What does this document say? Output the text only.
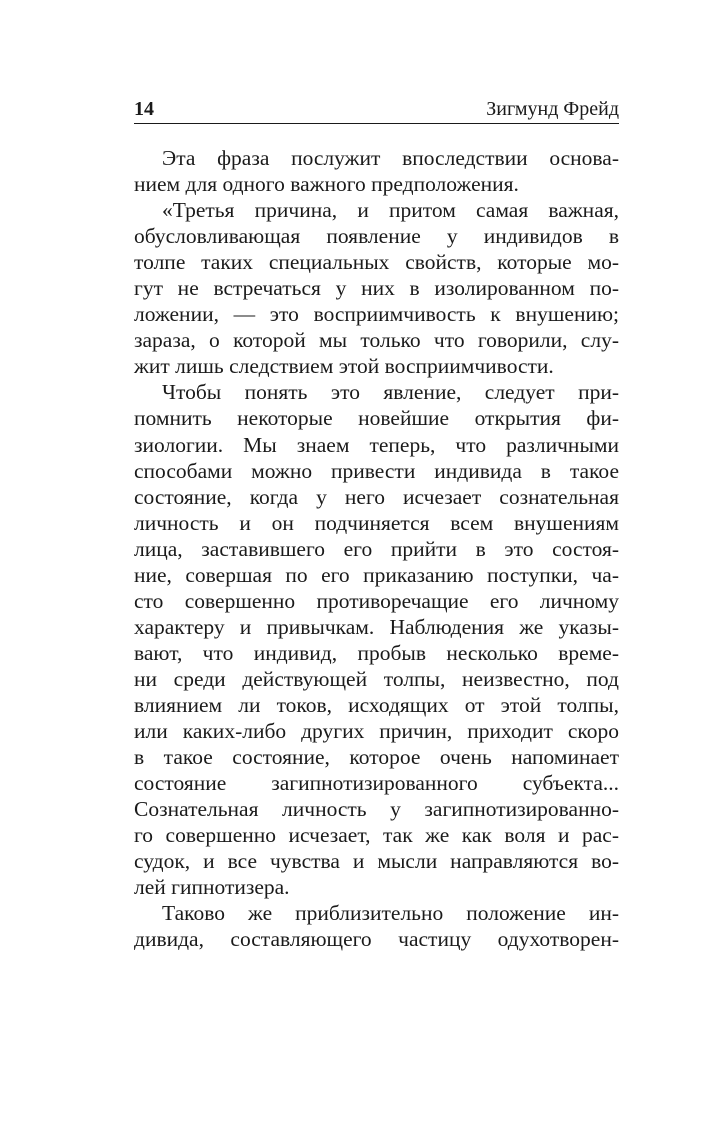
14	Зигмунд Фрейд
Эта фраза послужит впоследствии основа-
нием для одного важного предположения.
«Третья причина, и притом самая важная,
обусловливающая появление у индивидов в
толпе таких специальных свойств, которые мо-
гут не встречаться у них в изолированном по-
ложении, — это восприимчивость к внушению;
зараза, о которой мы только что говорили, слу-
жит лишь следствием этой восприимчивости.
Чтобы понять это явление, следует при-
помнить некоторые новейшие открытия фи-
зиологии. Мы знаем теперь, что различными
способами можно привести индивида в такое
состояние, когда у него исчезает сознательная
личность и он подчиняется всем внушениям
лица, заставившего его прийти в это состоя-
ние, совершая по его приказанию поступки, ча-
сто совершенно противоречащие его личному
характеру и привычкам. Наблюдения же указы-
вают, что индивид, пробыв несколько време-
ни среди действующей толпы, неизвестно, под
влиянием ли токов, исходящих от этой толпы,
или каких-либо других причин, приходит скоро
в такое состояние, которое очень напоминает
состояние загипнотизированного субъекта...
Сознательная личность у загипнотизированно-
го совершенно исчезает, так же как воля и рас-
судок, и все чувства и мысли направляются во-
лей гипнотизера.
Таково же приблизительно положение ин-
дивида, составляющего частицу одухотворен-
